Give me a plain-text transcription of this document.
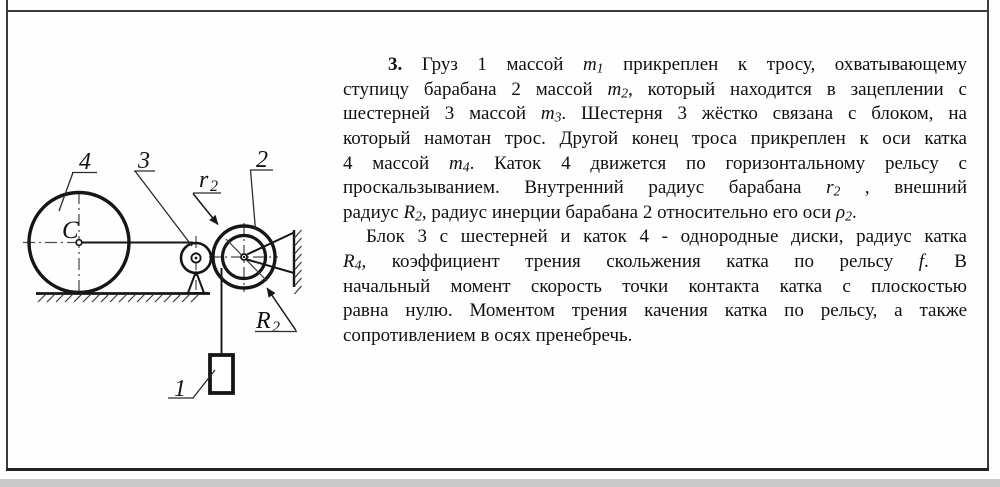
4 3	2
r 2
R 2
1
C
3. Груз 1 массой m1 прикреплен к тросу, охватывающему
ступицу барабана 2 массой m2, который находится в зацеплении с
шестерней 3 массой m3. Шестерня 3 жёстко связана с блоком, на
который намотан трос. Другой конец троса прикреплен к оси катка
4 массой m4. Каток 4 движется по горизонтальному рельсу с
проскальзыванием. Внутренний радиус барабана r2 , внешний
радиус R2, радиус инерции барабана 2 относительно его оси ρ2.
Блок 3 с шестерней и каток 4 - однородные диски, радиус катка
R4, коэффициент трения скольжения катка по рельсу f. В
начальный момент скорость точки контакта катка с плоскостью
равна нулю. Моментом трения качения катка по рельсу, а также
сопротивлением в осях пренебречь.
